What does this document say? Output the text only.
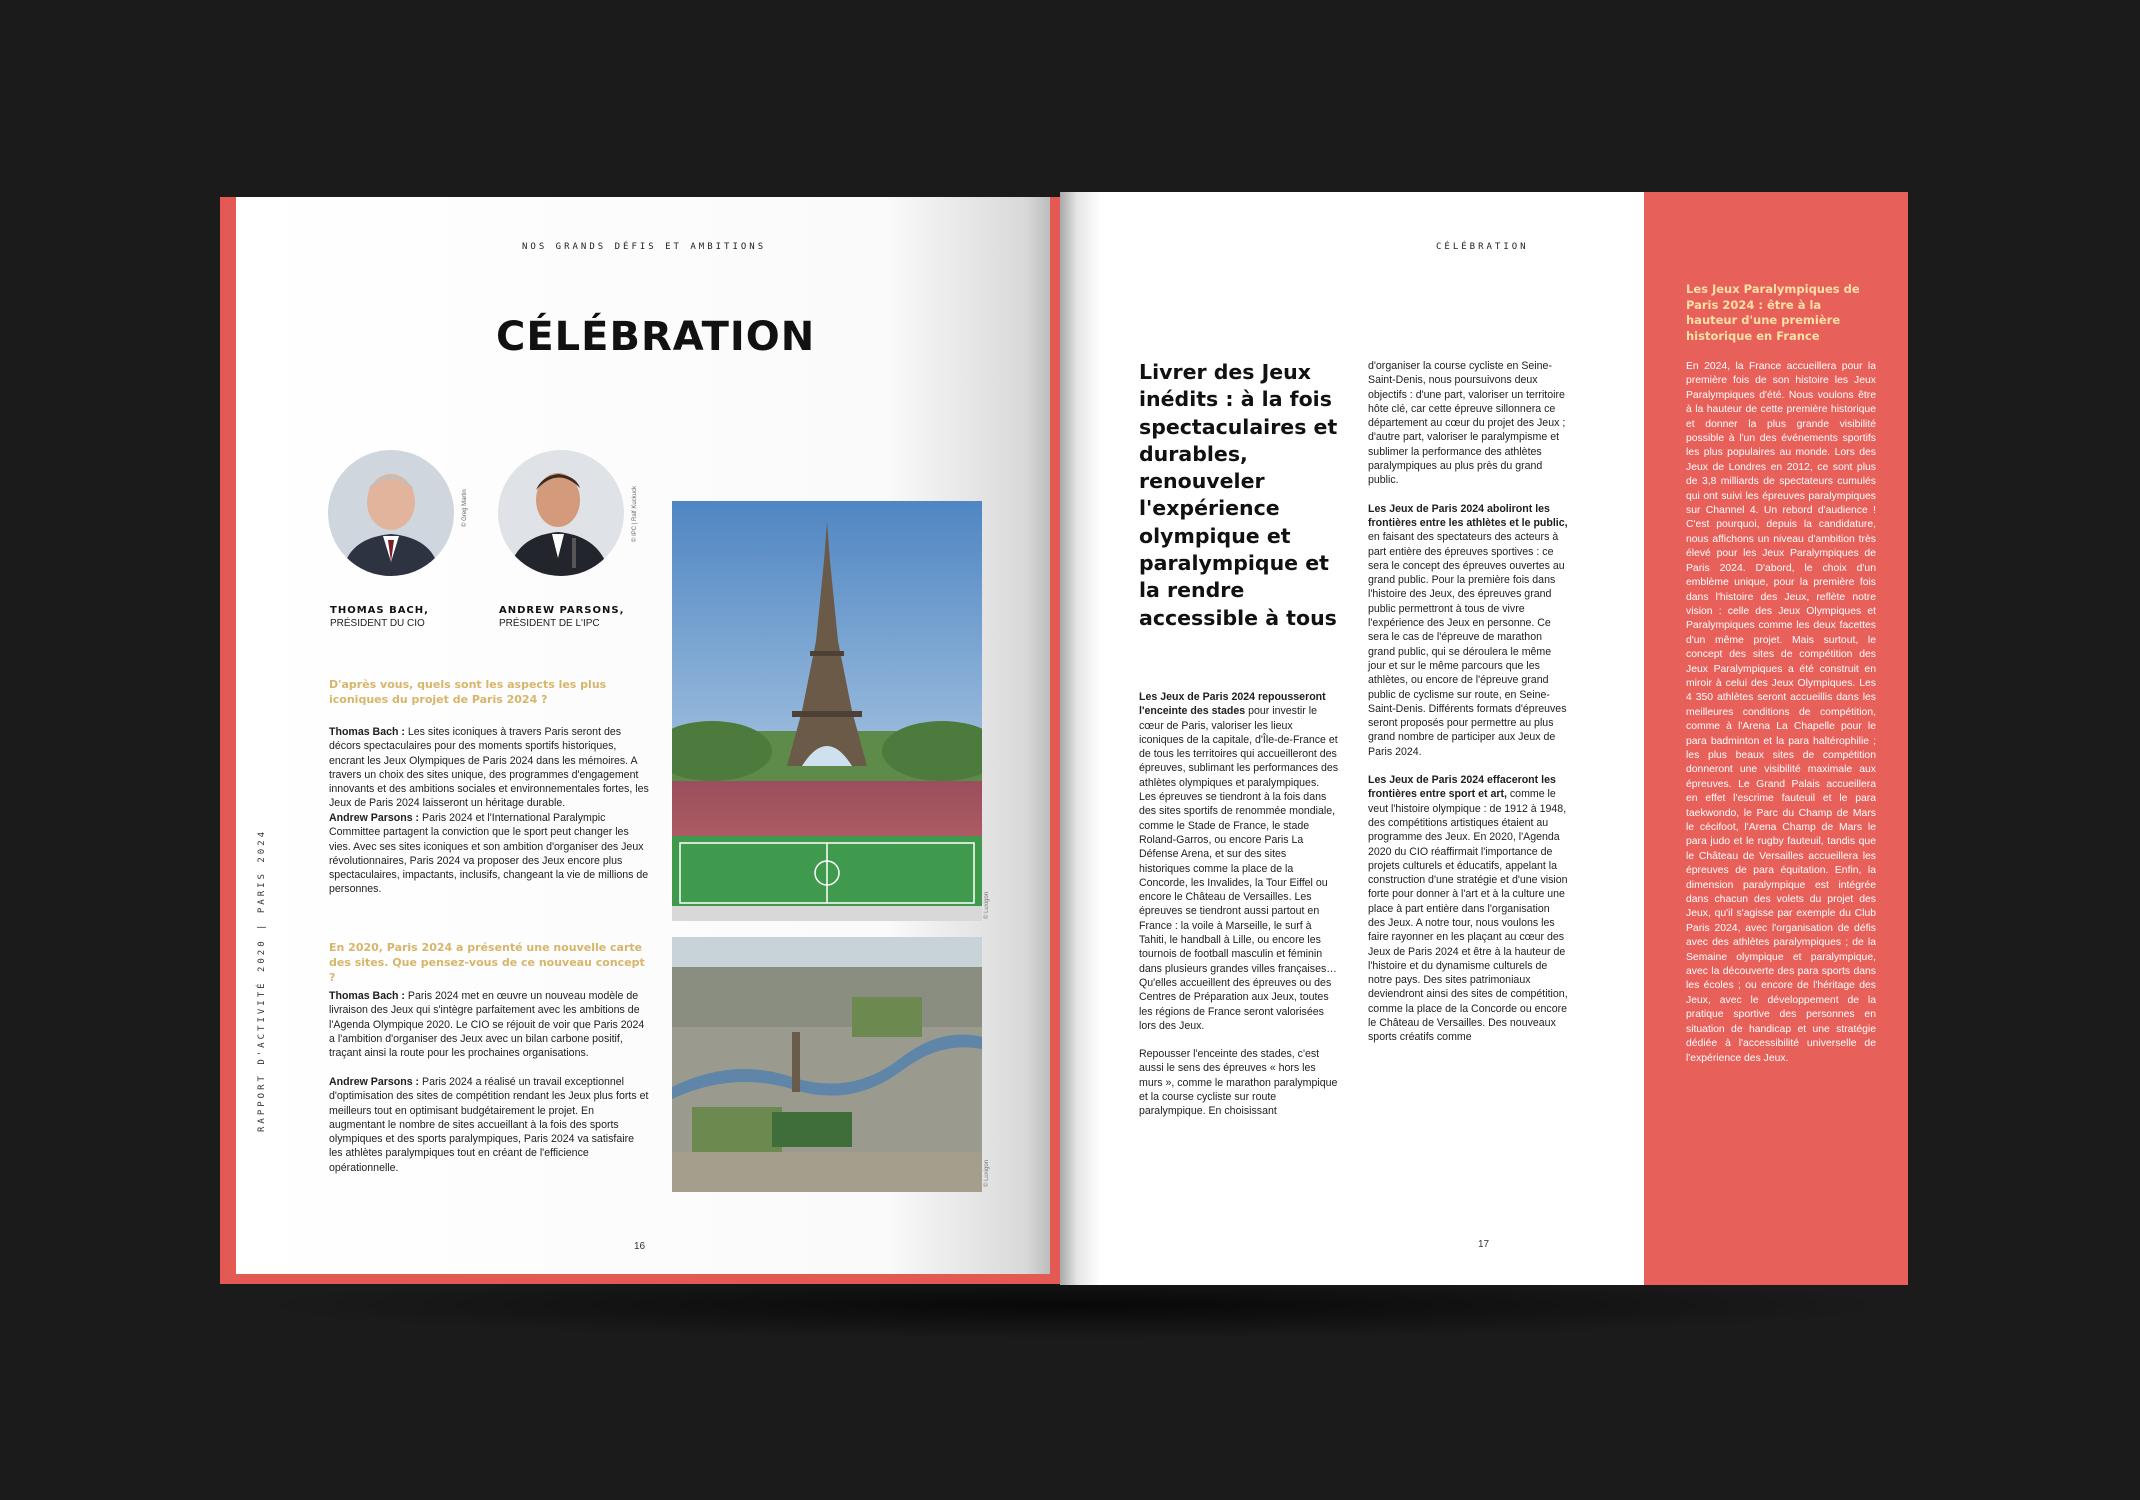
NOS GRANDS DÉFIS ET AMBITIONS
CÉLÉBRATION
RAPPORT D'ACTIVITÉ 2020 | PARIS 2024
© Greg Martin
THOMAS BACH,
PRÉSIDENT DU CIO
© IPC | Ralf Kuckuck
ANDREW PARSONS,
PRÉSIDENT DE L'IPC
D'après vous, quels sont les aspects les plus iconiques du projet de Paris 2024 ?
Thomas Bach : Les sites iconiques à travers Paris seront des décors spectaculaires pour des moments sportifs historiques, encrant les Jeux Olympiques de Paris 2024 dans les mémoires. A travers un choix des sites unique, des programmes d'engagement innovants et des ambitions sociales et environnementales fortes, les Jeux de Paris 2024 laisseront un héritage durable.
Andrew Parsons : Paris 2024 et l'International Paralympic Committee partagent la conviction que le sport peut changer les vies. Avec ses sites iconiques et son ambition d'organiser des Jeux révolutionnaires, Paris 2024 va proposer des Jeux encore plus spectaculaires, impactants, inclusifs, changeant la vie de millions de personnes.
En 2020, Paris 2024 a présenté une nouvelle carte des sites. Que pensez-vous de ce nouveau concept ?
Thomas Bach : Paris 2024 met en œuvre un nouveau modèle de livraison des Jeux qui s'intègre parfaitement avec les ambitions de l'Agenda Olympique 2020. Le CIO se réjouit de voir que Paris 2024 a l'ambition d'organiser des Jeux avec un bilan carbone positif, traçant ainsi la route pour les prochaines organisations.
Andrew Parsons : Paris 2024 a réalisé un travail exceptionnel d'optimisation des sites de compétition rendant les Jeux plus forts et meilleurs tout en optimisant budgétairement le projet. En augmentant le nombre de sites accueillant à la fois des sports olympiques et des sports paralympiques, Paris 2024 va satisfaire les athlètes paralympiques tout en créant de l'efficience opérationnelle.
© Luxigon
© Luxigon
16
CÉLÉBRATION
Livrer des Jeux inédits : à la fois spectaculaires et durables, renouveler l'expérience olympique et paralympique et la rendre accessible à tous

Les Jeux de Paris 2024 repousseront l'enceinte des stades pour investir le cœur de Paris, valoriser les lieux iconiques de la capitale, d'Île-de-France et de tous les territoires qui accueilleront des épreuves, sublimant les performances des athlètes olympiques et paralympiques. Les épreuves se tiendront à la fois dans des sites sportifs de renommée mondiale, comme le Stade de France, le stade Roland-Garros, ou encore Paris La Défense Arena, et sur des sites historiques comme la place de la Concorde, les Invalides, la Tour Eiffel ou encore le Château de Versailles. Les épreuves se tiendront aussi partout en France : la voile à Marseille, le surf à Tahiti, le handball à Lille, ou encore les tournois de football masculin et féminin dans plusieurs grandes villes françaises… Qu'elles accueillent des épreuves ou des Centres de Préparation aux Jeux, toutes les régions de France seront valorisées lors des Jeux.

Repousser l'enceinte des stades, c'est aussi le sens des épreuves « hors les murs », comme le marathon paralympique et la course cycliste sur route paralympique. En choisissant

d'organiser la course cycliste en Seine-Saint-Denis, nous poursuivons deux objectifs : d'une part, valoriser un territoire hôte clé, car cette épreuve sillonnera ce département au cœur du projet des Jeux ; d'autre part, valoriser le paralympisme et sublimer la performance des athlètes paralympiques au plus près du grand public.

Les Jeux de Paris 2024 aboliront les frontières entre les athlètes et le public, en faisant des spectateurs des acteurs à part entière des épreuves sportives : ce sera le concept des épreuves ouvertes au grand public. Pour la première fois dans l'histoire des Jeux, des épreuves grand public permettront à tous de vivre l'expérience des Jeux en personne. Ce sera le cas de l'épreuve de marathon grand public, qui se déroulera le même jour et sur le même parcours que les athlètes, ou encore de l'épreuve grand public de cyclisme sur route, en Seine-Saint-Denis. Différents formats d'épreuves seront proposés pour permettre au plus grand nombre de participer aux Jeux de Paris 2024.

Les Jeux de Paris 2024 effaceront les frontières entre sport et art, comme le veut l'histoire olympique : de 1912 à 1948, des compétitions artistiques étaient au programme des Jeux. En 2020, l'Agenda 2020 du CIO réaffirmait l'importance de projets culturels et éducatifs, appelant la construction d'une stratégie et d'une vision forte pour donner à l'art et à la culture une place à part entière dans l'organisation des Jeux. A notre tour, nous voulons les faire rayonner en les plaçant au cœur des Jeux de Paris 2024 et être à la hauteur de l'histoire et du dynamisme culturels de notre pays. Des sites patrimoniaux deviendront ainsi des sites de compétition, comme la place de la Concorde ou encore le Château de Versailles. Des nouveaux sports créatifs comme

17
Les Jeux Paralympiques de Paris 2024 : être à la hauteur d'une première historique en France
En 2024, la France accueillera pour la première fois de son histoire les Jeux Paralympiques d'été. Nous voulons être à la hauteur de cette première historique et donner la plus grande visibilité possible à l'un des événements sportifs les plus populaires au monde. Lors des Jeux de Londres en 2012, ce sont plus de 3,8 milliards de spectateurs cumulés qui ont suivi les épreuves paralympiques sur Channel 4. Un rebord d'audience ! C'est pourquoi, depuis la candidature, nous affichons un niveau d'ambition très élevé pour les Jeux Paralympiques de Paris 2024. D'abord, le choix d'un emblème unique, pour la première fois dans l'histoire des Jeux, reflète notre vision : celle des Jeux Olympiques et Paralympiques comme les deux facettes d'un même projet. Mais surtout, le concept des sites de compétition des Jeux Paralympiques a été construit en miroir à celui des Jeux Olympiques. Les 4 350 athlètes seront accueillis dans les meilleures conditions de compétition, comme à l'Arena La Chapelle pour le para badminton et la para haltérophilie ; les plus beaux sites de compétition donneront une visibilité maximale aux épreuves. Le Grand Palais accueillera en effet l'escrime fauteuil et le para taekwondo, le Parc du Champ de Mars le cécifoot, l'Arena Champ de Mars le para judo et le rugby fauteuil, tandis que le Château de Versailles accueillera les épreuves de para équitation. Enfin, la dimension paralympique est intégrée dans chacun des volets du projet des Jeux, qu'il s'agisse par exemple du Club Paris 2024, avec l'organisation de défis avec des athlètes paralympiques ; de la Semaine olympique et paralympique, avec la découverte des para sports dans les écoles ; ou encore de l'héritage des Jeux, avec le développement de la pratique sportive des personnes en situation de handicap et une stratégie dédiée à l'accessibilité universelle de l'expérience des Jeux.
